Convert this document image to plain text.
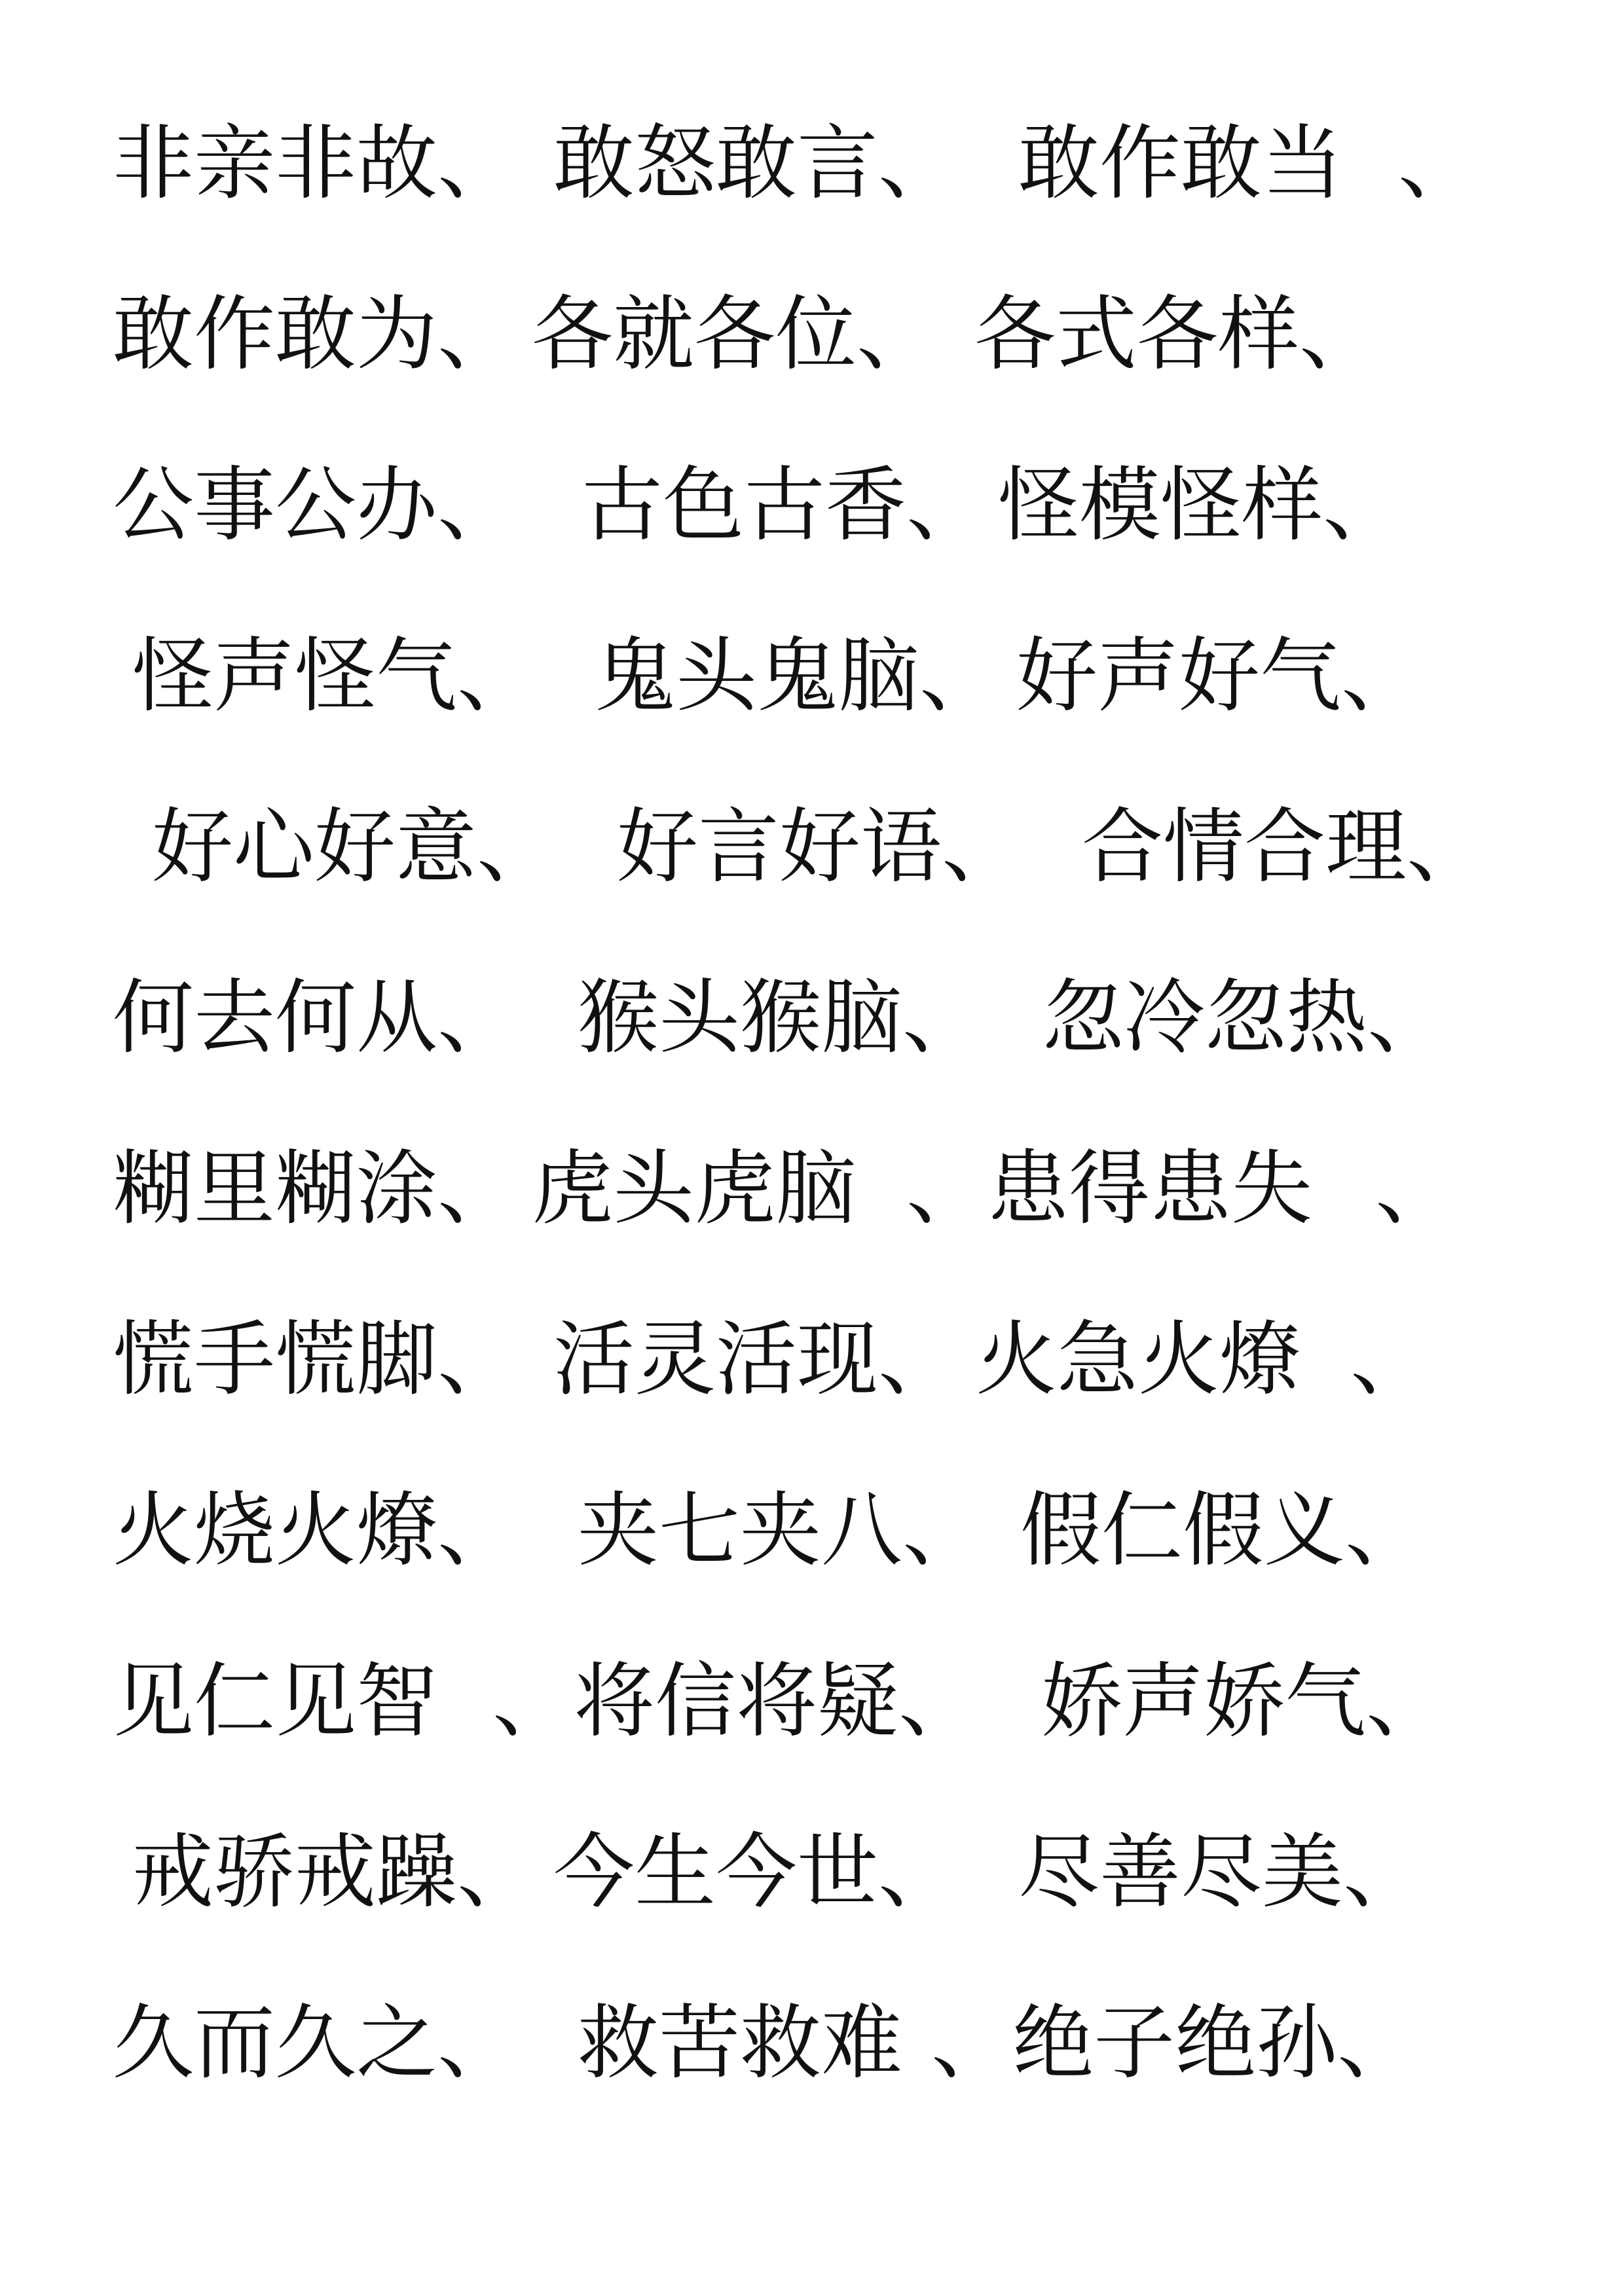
非亲非故、 敢怒敢言、 敢作敢当 、
敢作敢为、 各就各位、 各式各样、
公事公办、 古色古香、 怪模怪样、
怪声怪气、 鬼头鬼脑、 好声好气、
好心好意、 好言好语、 合情合理、
何去何从、 猴头猴脑、 忽冷忽热、
糊里糊涂、 虎头虎脑 、患得患失 、
慌手慌脚、 活灵活现、 火急火燎 、
火烧火燎、 夹七夹八、 假仁假义、
见仁见智 、将信将疑、 娇声娇气、
戒骄戒躁、 今生今世、 尽善尽美、
久而久之、 救苦救难 、绝子绝孙、
